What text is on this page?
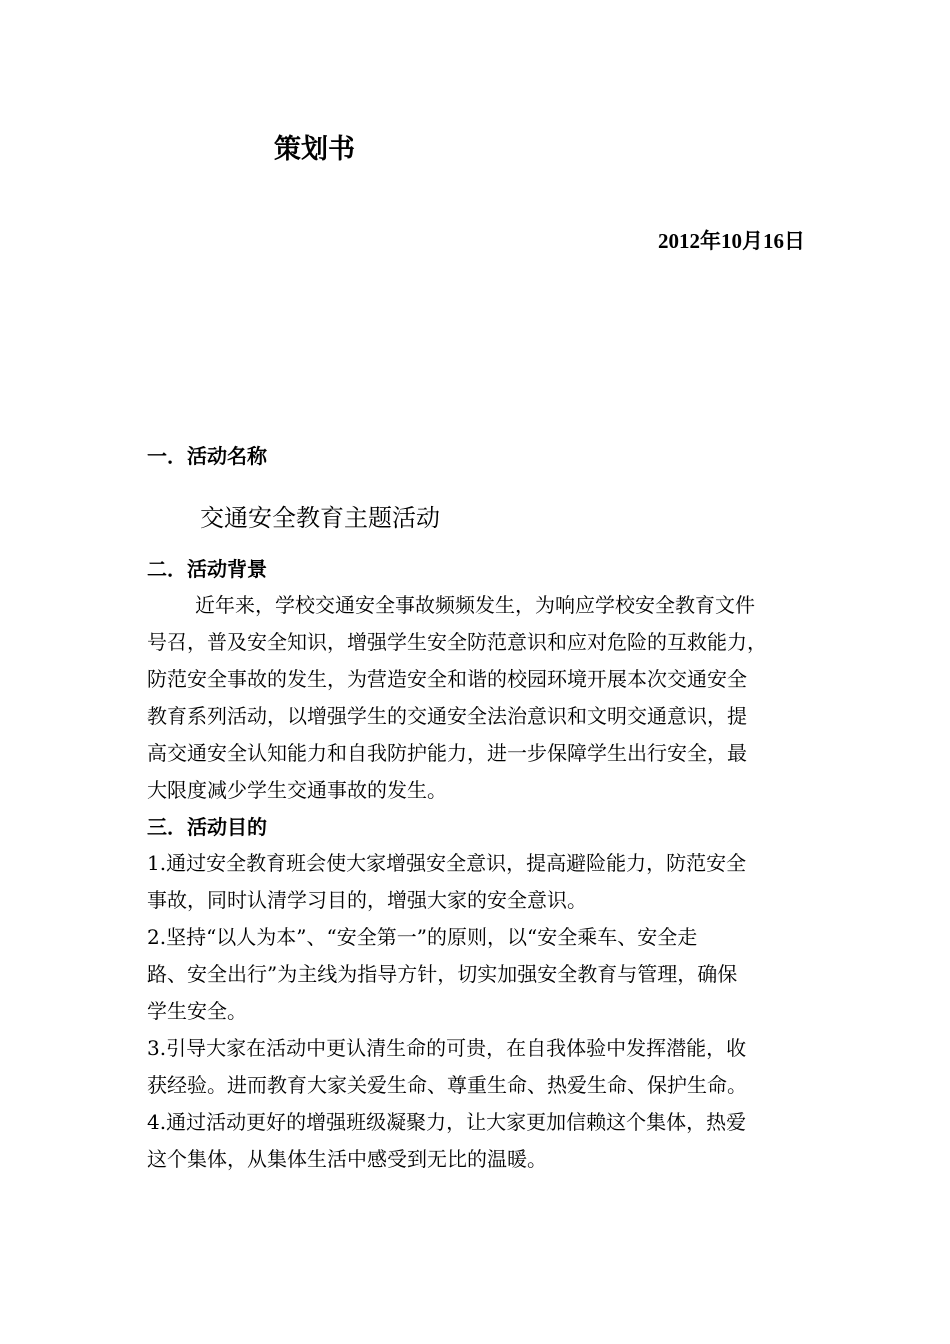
策划书
2012年10月16日
一．活动名称
交通安全教育主题活动
二．活动背景
近年来，学校交通安全事故频频发生，为响应学校安全教育文件
号召，普及安全知识，增强学生安全防范意识和应对危险的互救能力，
防范安全事故的发生，为营造安全和谐的校园环境开展本次交通安全
教育系列活动，以增强学生的交通安全法治意识和文明交通意识，提
高交通安全认知能力和自我防护能力，进一步保障学生出行安全，最
大限度减少学生交通事故的发生。
三．活动目的
1.通过安全教育班会使大家增强安全意识，提高避险能力，防范安全
事故，同时认清学习目的，增强大家的安全意识。
2.坚持“以人为本”、“安全第一”的原则，以“安全乘车、安全走
路、安全出行”为主线为指导方针，切实加强安全教育与管理，确保
学生安全。
3.引导大家在活动中更认清生命的可贵，在自我体验中发挥潜能，收
获经验。进而教育大家关爱生命、尊重生命、热爱生命、保护生命。
4.通过活动更好的增强班级凝聚力，让大家更加信赖这个集体，热爱
这个集体，从集体生活中感受到无比的温暖。
